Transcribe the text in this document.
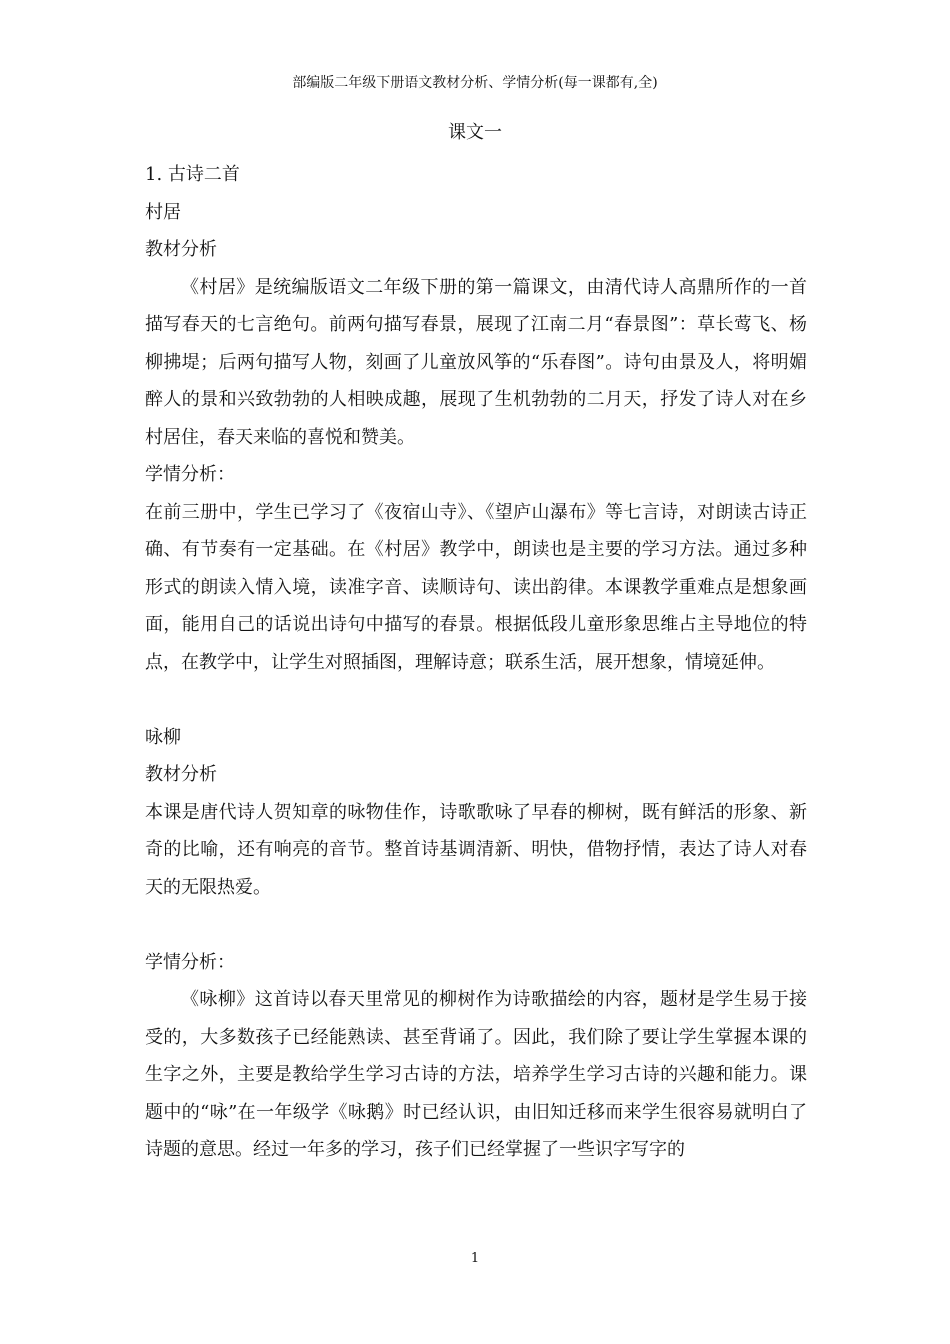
部编版二年级下册语文教材分析、学情分析(每一课都有,全)
课文一

1. 古诗二首

村居

教材分析

《村居》是统编版语文二年级下册的第一篇课文，由清代诗人高鼎所作的一首描写春天的七言绝句。前两句描写春景，展现了江南二月“春景图”：草长莺飞、杨柳拂堤；后两句描写人物，刻画了儿童放风筝的“乐春图”。诗句由景及人，将明媚醉人的景和兴致勃勃的人相映成趣，展现了生机勃勃的二月天，抒发了诗人对在乡村居住，春天来临的喜悦和赞美。

学情分析：

在前三册中，学生已学习了《夜宿山寺》、《望庐山瀑布》等七言诗，对朗读古诗正确、有节奏有一定基础。在《村居》教学中，朗读也是主要的学习方法。通过多种形式的朗读入情入境，读准字音、读顺诗句、读出韵律。本课教学重难点是想象画面，能用自己的话说出诗句中描写的春景。根据低段儿童形象思维占主导地位的特点，在教学中，让学生对照插图，理解诗意；联系生活，展开想象，情境延伸。

咏柳

教材分析

本课是唐代诗人贺知章的咏物佳作，诗歌歌咏了早春的柳树，既有鲜活的形象、新奇的比喻，还有响亮的音节。整首诗基调清新、明快，借物抒情，表达了诗人对春天的无限热爱。

学情分析：

《咏柳》这首诗以春天里常见的柳树作为诗歌描绘的内容，题材是学生易于接受的，大多数孩子已经能熟读、甚至背诵了。因此，我们除了要让学生掌握本课的生字之外，主要是教给学生学习古诗的方法，培养学生学习古诗的兴趣和能力。课题中的“咏”在一年级学《咏鹅》时已经认识，由旧知迁移而来学生很容易就明白了诗题的意思。经过一年多的学习，孩子们已经掌握了一些识字写字的

1
